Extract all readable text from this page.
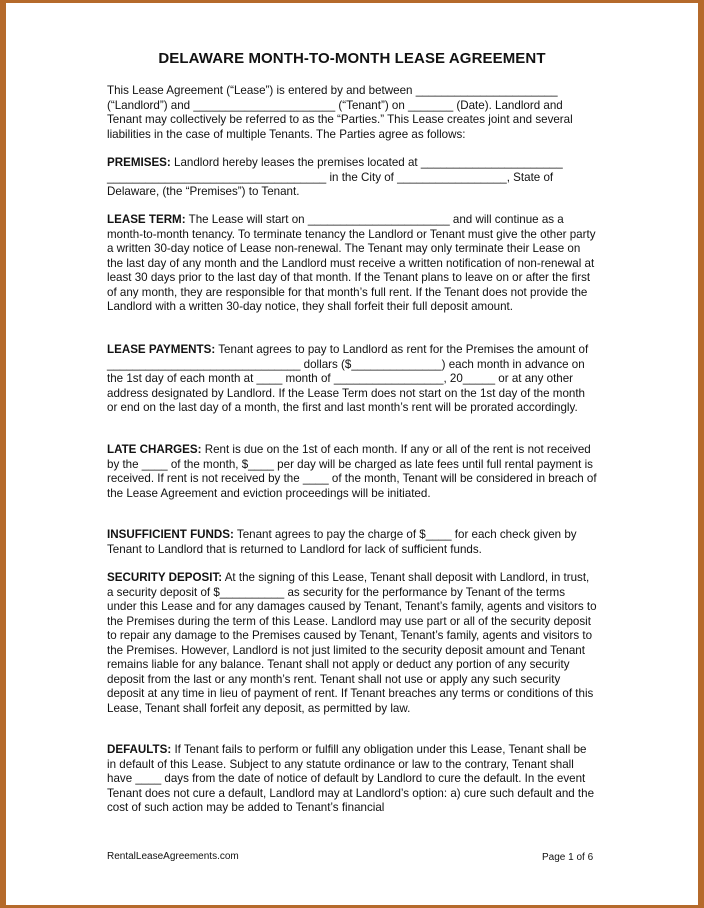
DELAWARE MONTH-TO-MONTH LEASE AGREEMENT
This Lease Agreement (“Lease”) is entered by and between ______________________ (“Landlord”) and ______________________ (“Tenant”) on _______ (Date). Landlord and Tenant may collectively be referred to as the “Parties.” This Lease creates joint and several liabilities in the case of multiple Tenants. The Parties agree as follows:
PREMISES: Landlord hereby leases the premises located at ______________________ __________________________________ in the City of _________________, State of Delaware, (the “Premises”) to Tenant.
LEASE TERM: The Lease will start on ______________________ and will continue as a month-to-month tenancy. To terminate tenancy the Landlord or Tenant must give the other party a written 30-day notice of Lease non-renewal. The Tenant may only terminate their Lease on the last day of any month and the Landlord must receive a written notification of non-renewal at least 30 days prior to the last day of that month. If the Tenant plans to leave on or after the first of any month, they are responsible for that month’s full rent. If the Tenant does not provide the Landlord with a written 30-day notice, they shall forfeit their full deposit amount.
LEASE PAYMENTS: Tenant agrees to pay to Landlord as rent for the Premises the amount of ______________________________ dollars ($______________) each month in advance on the 1st day of each month at ____ month of _________________, 20_____ or at any other address designated by Landlord. If the Lease Term does not start on the 1st day of the month or end on the last day of a month, the first and last month’s rent will be prorated accordingly.
LATE CHARGES: Rent is due on the 1st of each month. If any or all of the rent is not received by the ____ of the month, $____ per day will be charged as late fees until full rental payment is received. If rent is not received by the ____ of the month, Tenant will be considered in breach of the Lease Agreement and eviction proceedings will be initiated.
INSUFFICIENT FUNDS: Tenant agrees to pay the charge of $____ for each check given by Tenant to Landlord that is returned to Landlord for lack of sufficient funds.
SECURITY DEPOSIT: At the signing of this Lease, Tenant shall deposit with Landlord, in trust, a security deposit of $__________ as security for the performance by Tenant of the terms under this Lease and for any damages caused by Tenant, Tenant’s family, agents and visitors to the Premises during the term of this Lease. Landlord may use part or all of the security deposit to repair any damage to the Premises caused by Tenant, Tenant’s family, agents and visitors to the Premises. However, Landlord is not just limited to the security deposit amount and Tenant remains liable for any balance. Tenant shall not apply or deduct any portion of any security deposit from the last or any month’s rent. Tenant shall not use or apply any such security deposit at any time in lieu of payment of rent. If Tenant breaches any terms or conditions of this Lease, Tenant shall forfeit any deposit, as permitted by law.
DEFAULTS: If Tenant fails to perform or fulfill any obligation under this Lease, Tenant shall be in default of this Lease. Subject to any statute ordinance or law to the contrary, Tenant shall have ____ days from the date of notice of default by Landlord to cure the default. In the event Tenant does not cure a default, Landlord may at Landlord’s option: a) cure such default and the cost of such action may be added to Tenant’s financial
RentalLeaseAgreements.com	Page 1 of 6
